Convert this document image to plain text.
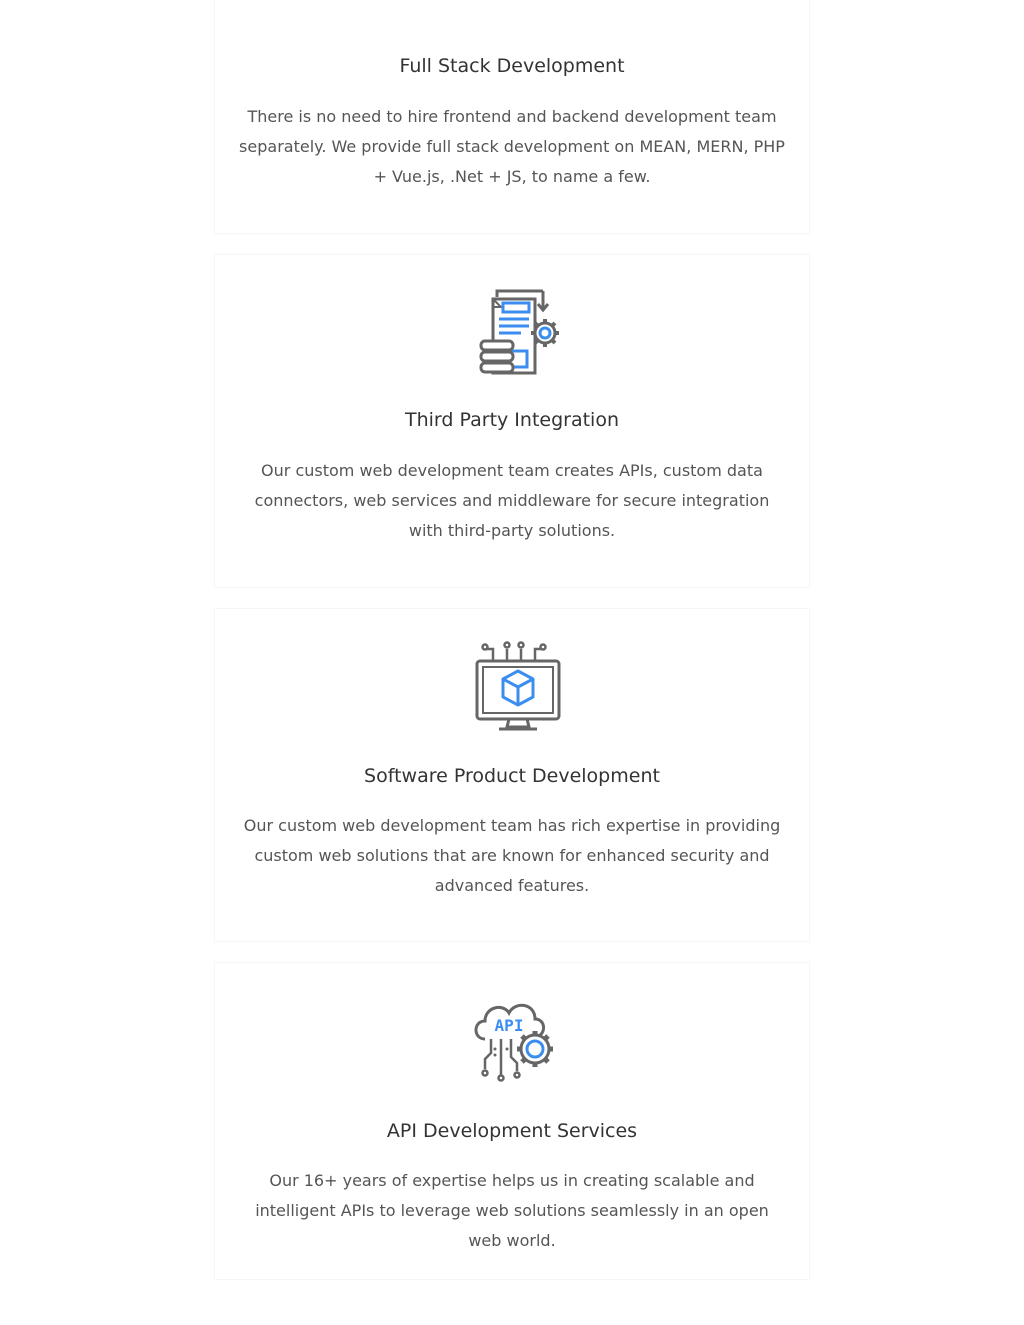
Full Stack Development

There is no need to hire frontend and backend development team separately. We provide full stack development on MEAN, MERN, PHP + Vue.js, .Net + JS, to name a few.

Third Party Integration

Our custom web development team creates APIs, custom data connectors, web services and middleware for secure integration with third-party solutions.

Software Product Development

Our custom web development team has rich expertise in providing custom web solutions that are known for enhanced security and advanced features.

API
API Development Services

Our 16+ years of expertise helps us in creating scalable and intelligent APIs to leverage web solutions seamlessly in an open web world.
